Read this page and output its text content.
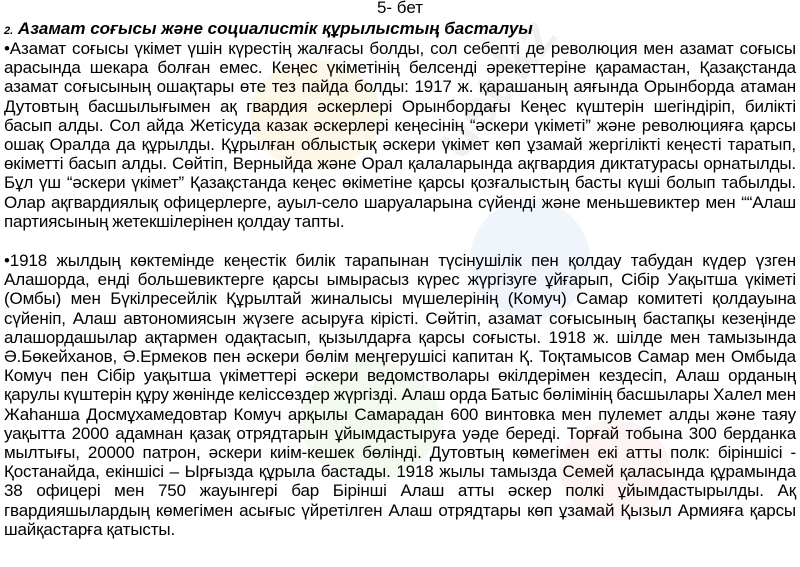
ust.kz
5- бет
2. Азамат соғысы және социалистік құрылыстың басталуы
•Азамат соғысы үкімет үшін күрестің жалғасы болды, сол себепті де революция мен азамат соғысы арасында шекара болған емес. Кеңес үкіметінің белсенді әрекеттеріне қарамастан, Қазақстанда азамат соғысының ошақтары өте тез пайда болды: 1917 ж. қарашаның аяғында Орынборда атаман Дутовтың басшылығымен ақ гвардия әскерлері Орынбордағы Кеңес күштерін шегіндіріп, билікті басып алды. Сол айда Жетісуда казак әскерлері кеңесінің “әскери үкіметі” және революцияға қарсы ошақ Оралда да құрылды. Құрылған облыстық әскери үкімет көп ұзамай жергілікті кеңесті таратып, өкіметті басып алды. Сөйтіп, Верныйда және Орал қалаларында ақгвардия диктатурасы орнатылды. Бұл үш “әскери үкімет” Қазақстанда кеңес өкіметіне қарсы қозғалыстың басты күші болып табылды. Олар ақгвардиялық офицерлерге, ауыл-село шаруаларына сүйенді және меньшевиктер мен ““Алаш партиясының жетекшілерінен қолдау тапты.
•1918 жылдың көктемінде кеңестік билік тарапынан түсінушілік пен қолдау табудан күдер үзген Алашорда, енді большевиктерге қарсы ымырасыз күрес жүргізуге ұйғарып, Сібір Уақытша үкіметі (Омбы) мен Бүкілресейлік Құрылтай жиналысы мүшелерінің (Комуч) Самар комитеті қолдауына сүйеніп, Алаш автономиясын жүзеге асыруға кірісті. Сөйтіп, азамат соғысының бастапқы кезеңінде алашордашылар ақтармен одақтасып, қызылдарға қарсы соғысты. 1918 ж. шілде мен тамызында Ә.Бөкейханов, Ә.Ермеков пен әскери бөлім меңгерушісі капитан Қ. Тоқтамысов Самар мен Омбыда Комуч пен Сібір уақытша үкіметтері әскери ведомстволары өкілдерімен кездесіп, Алаш орданың қарулы күштерін құру жөнінде келіссөздер жүргізді. Алаш орда Батыс бөлімінің басшылары Халел мен Жаһанша Досмұхамедовтар Комуч арқылы Самарадан 600 винтовка мен пулемет алды және таяу уақытта 2000 адамнан қазақ отрядтарын ұйымдастыруға уәде береді. Торғай тобына 300 берданка мылтығы, 20000 патрон, әскери киім-кешек бөлінді. Дутовтың көмегімен екі атты полк: біріншісі - Қостанайда, екіншісі – Ырғызда құрыла бастады. 1918 жылы тамызда Семей қаласында құрамында 38 офицері мен 750 жауынгері бар Бірінші Алаш атты әскер полкі ұйымдастырылды. Ақ гвардияшылардың көмегімен асығыс үйретілген Алаш отрядтары көп ұзамай Қызыл Армияға қарсы шайқастарға қатысты.
